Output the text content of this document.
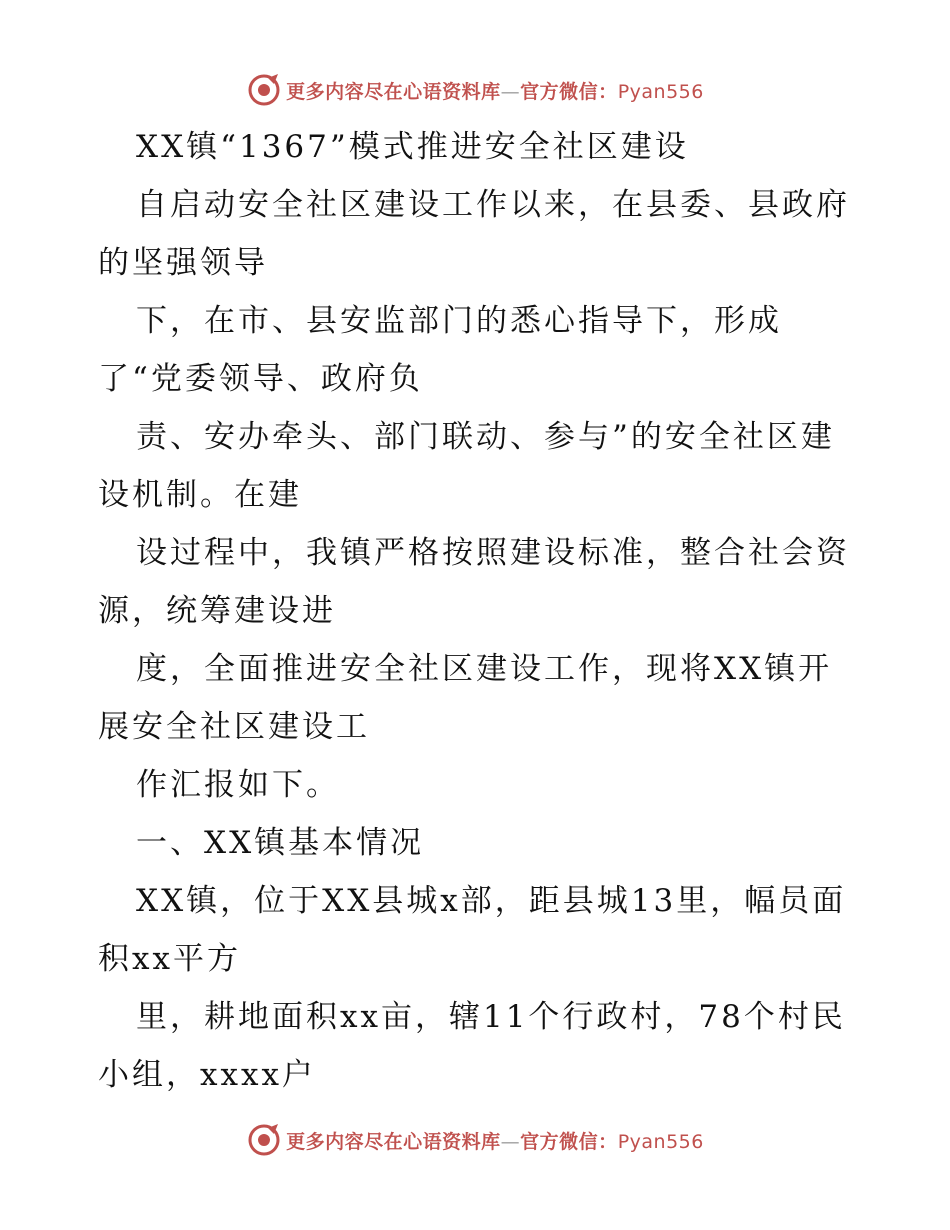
更多内容尽在心语资料库—官方微信：Pyan556
XX镇“1367”模式推进安全社区建设
自启动安全社区建设工作以来，在县委、县政府
的坚强领导
下，在市、县安监部门的悉心指导下，形成
了“党委领导、政府负
责、安办牵头、部门联动、参与”的安全社区建
设机制。在建
设过程中，我镇严格按照建设标准，整合社会资
源，统筹建设进
度，全面推进安全社区建设工作，现将XX镇开
展安全社区建设工
作汇报如下。
一、XX镇基本情况
XX镇，位于XX县城x部，距县城13里，幅员面
积xx平方
里，耕地面积xx亩，辖11个行政村，78个村民
小组，xxxx户
更多内容尽在心语资料库—官方微信：Pyan556
